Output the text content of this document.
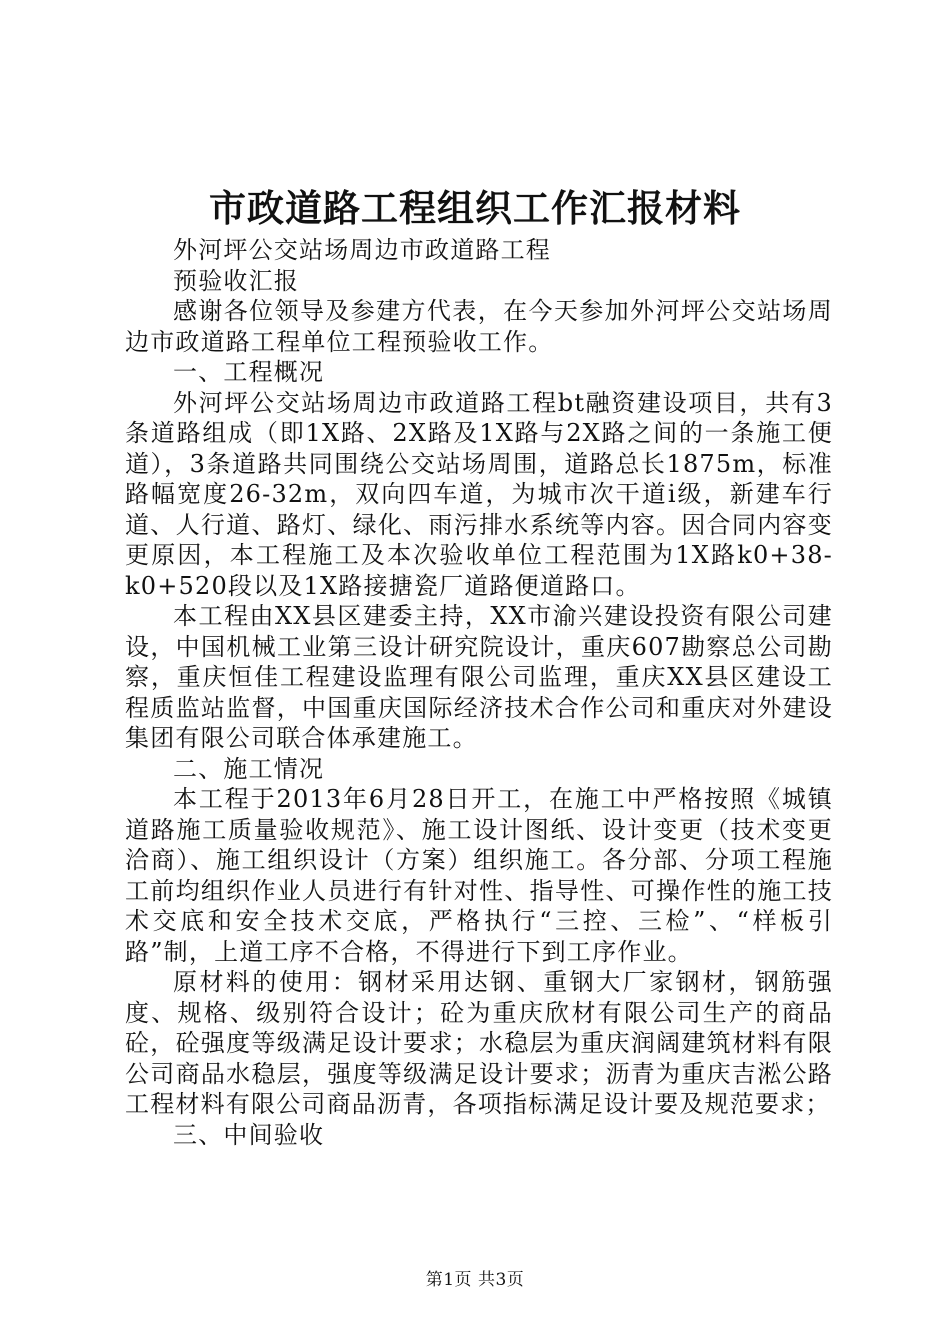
市政道路工程组织工作汇报材料

外河坪公交站场周边市政道路工程

预验收汇报

感谢各位领导及参建方代表，在今天参加外河坪公交站场周边市政道路工程单位工程预验收工作。

一、工程概况

外河坪公交站场周边市政道路工程bt融资建设项目，共有3条道路组成（即1X路、2X路及1X路与2X路之间的一条施工便道），3条道路共同围绕公交站场周围，道路总长1875m，标准路幅宽度26-32m，双向四车道，为城市次干道i级，新建车行道、人行道、路灯、绿化、雨污排水系统等内容。因合同内容变更原因，本工程施工及本次验收单位工程范围为1X路k0+38-k0+520段以及1X路接搪瓷厂道路便道路口。

本工程由XX县区建委主持，XX市渝兴建设投资有限公司建设，中国机械工业第三设计研究院设计，重庆607勘察总公司勘察，重庆恒佳工程建设监理有限公司监理，重庆XX县区建设工程质监站监督，中国重庆国际经济技术合作公司和重庆对外建设集团有限公司联合体承建施工。

二、施工情况

本工程于2013年6月28日开工，在施工中严格按照《城镇道路施工质量验收规范》、施工设计图纸、设计变更（技术变更洽商）、施工组织设计（方案）组织施工。各分部、分项工程施工前均组织作业人员进行有针对性、指导性、可操作性的施工技术交底和安全技术交底，严格执行“三控、三检”、“样板引路”制，上道工序不合格，不得进行下到工序作业。

原材料的使用：钢材采用达钢、重钢大厂家钢材，钢筋强度、规格、级别符合设计；砼为重庆欣材有限公司生产的商品砼，砼强度等级满足设计要求；水稳层为重庆润阔建筑材料有限公司商品水稳层，强度等级满足设计要求；沥青为重庆吉淞公路工程材料有限公司商品沥青，各项指标满足设计要及规范要求；

三、中间验收

第1页 共3页
